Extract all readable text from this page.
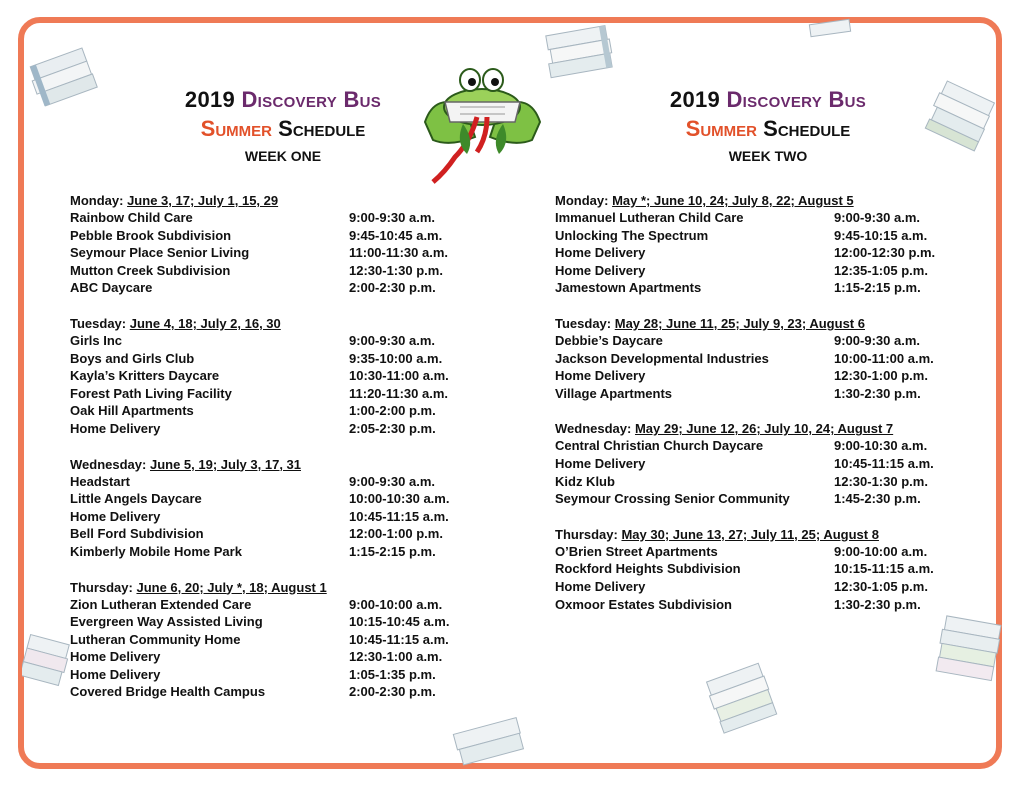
2019 Discovery Bus
Summer Schedule
WEEK ONE
2019 Discovery Bus
Summer Schedule
WEEK TWO
Monday: June 3, 17; July 1, 15, 29
Rainbow Child Care	9:00-9:30 a.m.
Pebble Brook Subdivision	9:45-10:45 a.m.
Seymour Place Senior Living	11:00-11:30 a.m.
Mutton Creek Subdivision	12:30-1:30 p.m.
ABC Daycare	2:00-2:30 p.m.
Tuesday: June 4, 18; July 2, 16, 30
Girls Inc	9:00-9:30 a.m.
Boys and Girls Club	9:35-10:00 a.m.
Kayla’s Kritters Daycare	10:30-11:00 a.m.
Forest Path Living Facility	11:20-11:30 a.m.
Oak Hill Apartments	1:00-2:00 p.m.
Home Delivery	2:05-2:30 p.m.
Wednesday: June 5, 19; July 3, 17, 31
Headstart	9:00-9:30 a.m.
Little Angels Daycare	10:00-10:30 a.m.
Home Delivery	10:45-11:15 a.m.
Bell Ford Subdivision	12:00-1:00 p.m.
Kimberly Mobile Home Park	1:15-2:15 p.m.
Thursday: June 6, 20; July *, 18; August 1
Zion Lutheran Extended Care	9:00-10:00 a.m.
Evergreen Way Assisted Living	10:15-10:45 a.m.
Lutheran Community Home	10:45-11:15 a.m.
Home Delivery	12:30-1:00 a.m.
Home Delivery	1:05-1:35 p.m.
Covered Bridge Health Campus	2:00-2:30 p.m.
Monday: May *; June 10, 24; July 8, 22; August 5
Immanuel Lutheran Child Care	9:00-9:30 a.m.
Unlocking The Spectrum	9:45-10:15 a.m.
Home Delivery	12:00-12:30 p.m.
Home Delivery	12:35-1:05 p.m.
Jamestown Apartments	1:15-2:15 p.m.
Tuesday: May 28; June 11, 25; July 9, 23; August 6
Debbie’s Daycare	9:00-9:30 a.m.
Jackson Developmental Industries	10:00-11:00 a.m.
Home Delivery	12:30-1:00 p.m.
Village Apartments	1:30-2:30 p.m.
Wednesday: May 29; June 12, 26; July 10, 24; August 7
Central Christian Church Daycare	9:00-10:30 a.m.
Home Delivery	10:45-11:15 a.m.
Kidz Klub	12:30-1:30 p.m.
Seymour Crossing Senior Community	1:45-2:30 p.m.
Thursday: May 30; June 13, 27; July 11, 25; August 8
O’Brien Street Apartments	9:00-10:00 a.m.
Rockford Heights Subdivision	10:15-11:15 a.m.
Home Delivery	12:30-1:05 p.m.
Oxmoor Estates Subdivision	1:30-2:30 p.m.
